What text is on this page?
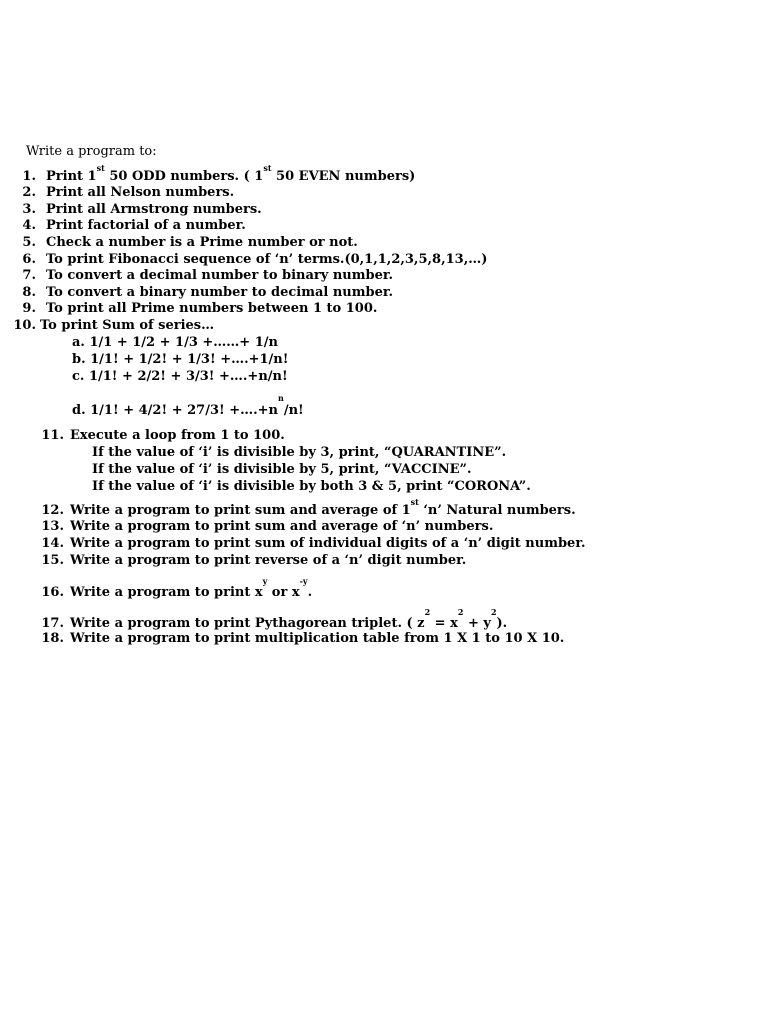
Write a program to:
1. Print 1st 50 ODD numbers. ( 1st 50 EVEN numbers)
2. Print all Nelson numbers.
3. Print all Armstrong numbers.
4. Print factorial of a number.
5. Check a number is a Prime number or not.
6. To print Fibonacci sequence of ‘n’ terms.(0,1,1,2,3,5,8,13,…)
7. To convert a decimal number to binary number.
8. To convert a binary number to decimal number.
9. To print all Prime numbers between 1 to 100.
10. To print Sum of series…
a. 1/1 + 1/2 + 1/3 +……+ 1/n
b. 1/1! + 1/2! + 1/3! +….+1/n!
c. 1/1! + 2/2! + 3/3! +….+n/n!
d. 1/1! + 4/2! + 27/3! $+\dots.+n^n/n$!
11. Execute a loop from 1 to 100.
If the value of ‘i’ is divisible by 3, print, “QUARANTINE”.
If the value of ‘i’ is divisible by 5, print, “VACCINE”.
If the value of ‘i’ is divisible by both 3 & 5, print “CORONA”.
12. Write a program to print sum and average of 1st ‘n’ Natural numbers.
13. Write a program to print sum and average of ‘n’ numbers.
14. Write a program to print sum of individual digits of a ‘n’ digit number.
15. Write a program to print reverse of a ‘n’ digit number.
16. Write a program to print $x^y$ or $x^{-y}$.
17. Write a program to print Pythagorean triplet. ( $z^2 = x^2 + y^2$).
18. Write a program to print multiplication table from 1 X 1 to 10 X 10.
